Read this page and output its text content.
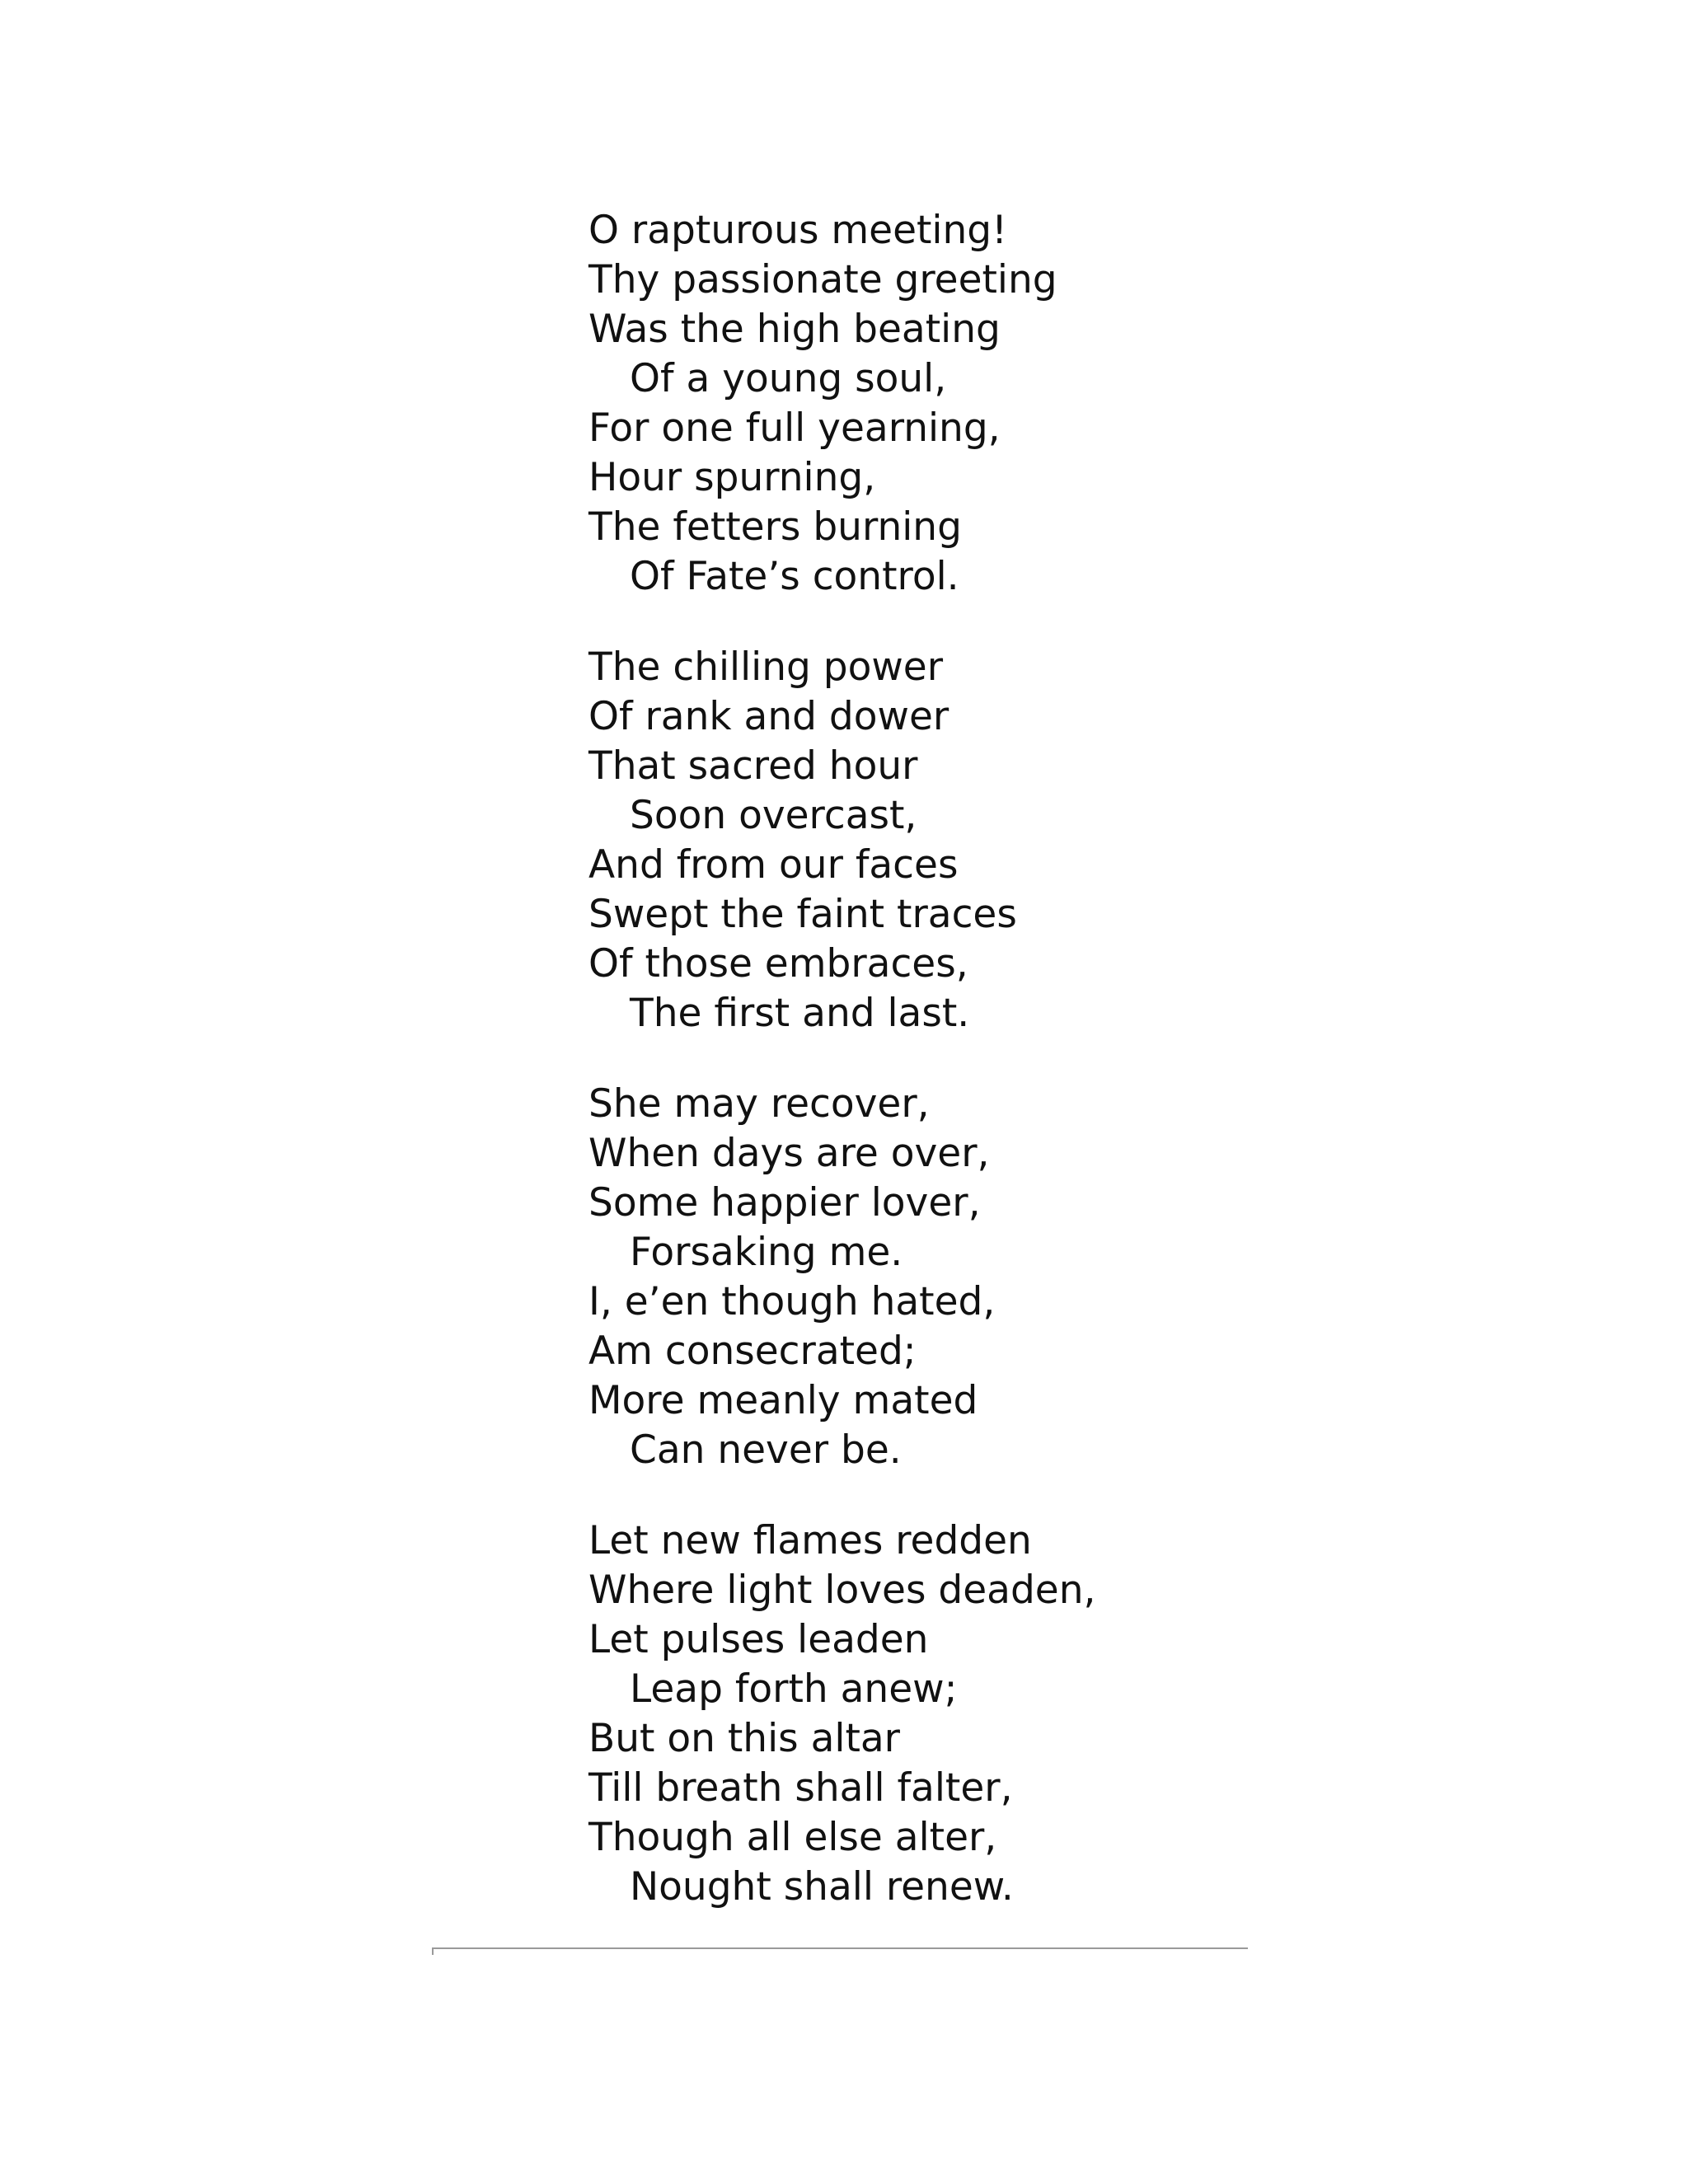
O rapturous meeting!
Thy passionate greeting
Was the high beating
Of a young soul,
For one full yearning,
Hour spurning,
The fetters burning
Of Fate’s control.
The chilling power
Of rank and dower
That sacred hour
Soon overcast,
And from our faces
Swept the faint traces
Of those embraces,
The first and last.
She may recover,
When days are over,
Some happier lover,
Forsaking me.
I, e’en though hated,
Am consecrated;
More meanly mated
Can never be.
Let new flames redden
Where light loves deaden,
Let pulses leaden
Leap forth anew;
But on this altar
Till breath shall falter,
Though all else alter,
Nought shall renew.
